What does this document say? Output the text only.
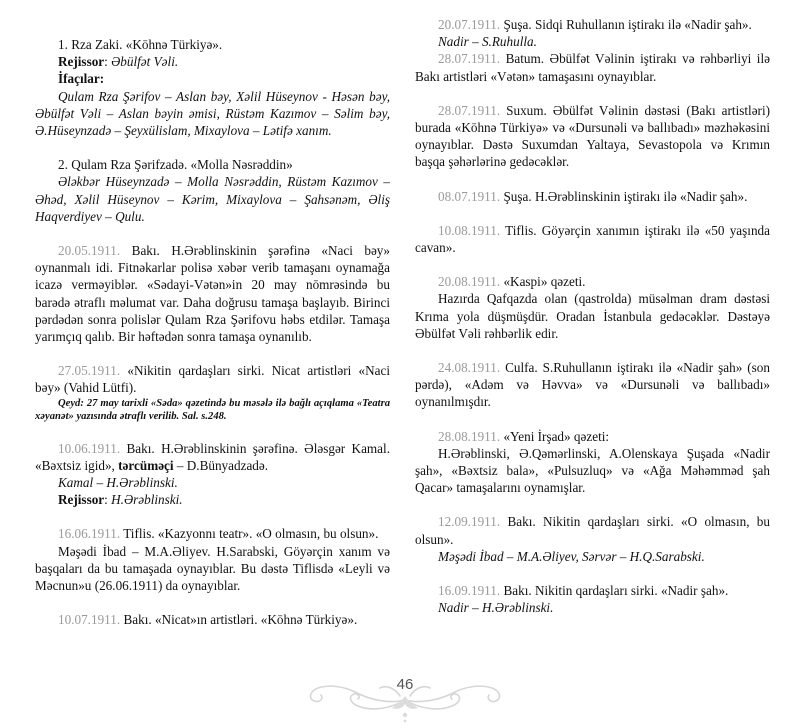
1. Rza Zaki. «Kōhnə Türkiyə».

Rejissor: Əbülfət Vəli.

İfaçılar:

Qulam Rza Şərifov – Aslan bəy, Xəlil Hüseynov - Həsən bəy, Əbülfət Vəli – Aslan bəyin əmisi, Rüstəm Kazımov – Səlim bəy, Ə.Hüseynzadə – Şeyxülislam, Mixaylova – Lətifə xanım.

2. Qulam Rza Şərifzadə. «Molla Nəsrəddin»

Ələkbər Hüseynzadə – Molla Nəsrəddin, Rüstəm Kazımov – Əhəd, Xəlil Hüseynov – Kərim, Mixaylova – Şahsənəm, Əliş Haqverdiyev – Qulu.

20.05.1911. Bakı. H.Ərəblinskinin şərəfinə «Naci bəy» oynanmalı idi. Fitnəkarlar polisə xəbər verib tamaşanı oynamağa icazə verməyiblər. «Sədayi-Vətən»in 20 may nōmrəsində bu barədə ətraflı məlumat var. Daha doğrusu tamaşa başlayıb. Birinci pərdədən sonra polislər Qulam Rza Şərifovu həbs etdilər. Tamaşa yarımçıq qalıb. Bir həftədən sonra tamaşa oynanılıb.

27.05.1911. «Nikitin qardaşları sirki. Nicat artistləri «Naci bəy» (Vahid Lütfi).

Qeyd: 27 may tarixli «Səda» qəzetində bu məsələ ilə bağlı açıqlama «Teatra xəyanət» yazısında ətraflı verilib. Sal. s.248.

10.06.1911. Bakı. H.Ərəblinskinin şərəfinə. Ələsgər Kamal. «Bəxtsiz igid», tərcüməçi – D.Bünyadzadə.

Kamal – H.Ərəblinski.

Rejissor: H.Ərəblinski.

16.06.1911. Tiflis. «Kazyonnı teatr». «O olmasın, bu olsun».

Məşədi İbad – M.A.Əliyev. H.Sarabski, Göyərçin xanım və başqaları da bu tamaşada oynayıblar. Bu dəstə Tiflisdə «Leyli və Məcnun»u (26.06.1911) da oynayıblar.

10.07.1911. Bakı. «Nicat»ın artistləri. «Kōhnə Türkiyə».

20.07.1911. Şuşa. Sidqi Ruhullanın iştirakı ilə «Nadir şah».

Nadir – S.Ruhulla.

28.07.1911. Batum. Əbülfət Vəlinin iştirakı və rəhbərliyi ilə Bakı artistləri «Vətən» tamaşasını oynayıblar.

28.07.1911. Suxum. Əbülfət Vəlinin dəstəsi (Bakı artistləri) burada «Kōhnə Türkiyə» və «Dursunəli və ballıbadı» məzhəkəsini oynayıblar. Dəstə Suxumdan Yaltaya, Sevastopola və Krımın başqa şəhərlərinə gedəcəklər.

08.07.1911. Şuşa. H.Ərəblinskinin iştirakı ilə «Nadir şah».

10.08.1911. Tiflis. Göyərçin xanımın iştirakı ilə «50 yaşında cavan».

20.08.1911. «Kaspi» qəzeti.

Hazırda Qafqazda olan (qastrolda) müsəlman dram dəstəsi Krıma yola düşmüşdür. Oradan İstanbula gedəcəklər. Dəstəyə Əbülfət Vəli rəhbərlik edir.

24.08.1911. Culfa. S.Ruhullanın iştirakı ilə «Nadir şah» (son pərdə), «Adəm və Həvva» və «Dursunəli və ballıbadı» oynanılmışdır.

28.08.1911. «Yeni İrşad» qəzeti:

H.Ərəblinski, Ə.Qəmərlinski, A.Olenskaya Şuşada «Nadir şah», «Bəxtsiz bala», «Pulsuzluq» və «Ağa Məhəmməd şah Qacar» tamaşalarını oynamışlar.

12.09.1911. Bakı. Nikitin qardaşları sirki. «O olmasın, bu olsun».

Məşədi İbad – M.A.Əliyev, Sərvər – H.Q.Sarabski.

16.09.1911. Bakı. Nikitin qardaşları sirki. «Nadir şah».

Nadir – H.Ərəblinski.

46
